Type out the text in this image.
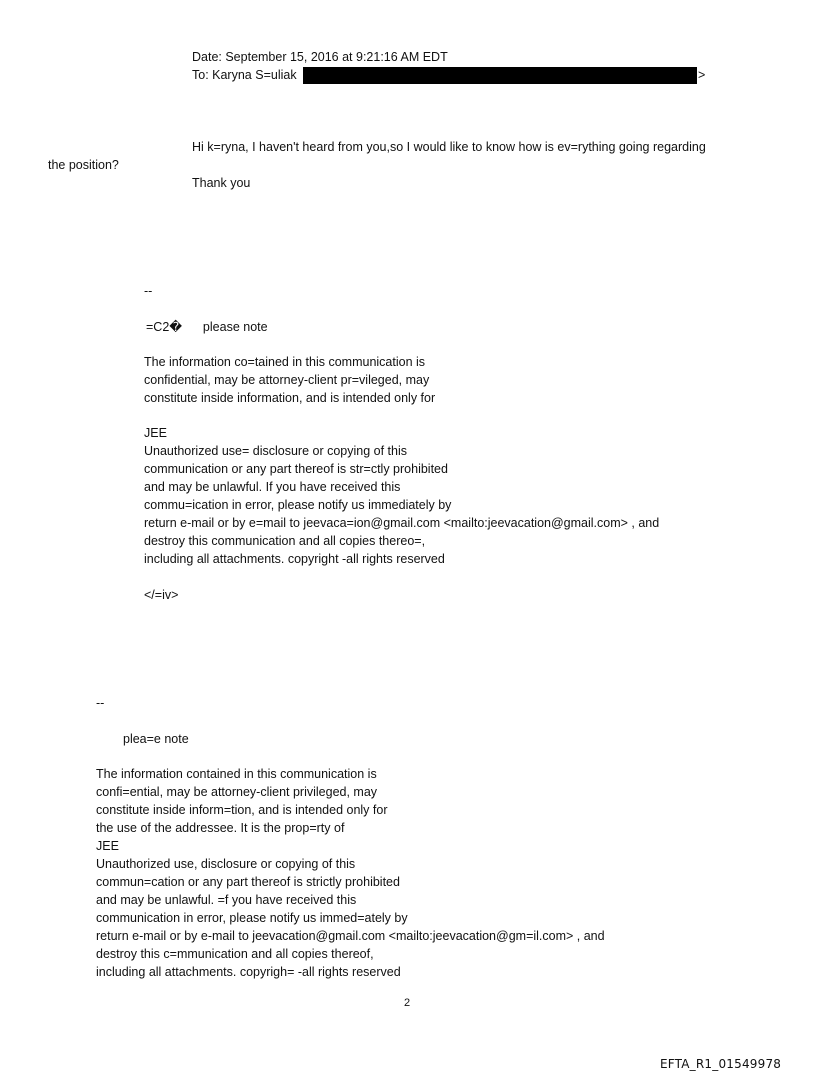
Date: September 15, 2016 at 9:21:16 AM EDT
To: Karyna S=uliak	>
Hi k=ryna, I haven't heard from you,so I would like to know how is ev=rything going regarding
the position?
Thank you
--
=C2�      please note
The information co=tained in this communication is
confidential, may be attorney-client pr=vileged, may
constitute inside information, and is intended only for
JEE
Unauthorized use= disclosure or copying of this
communication or any part thereof is str=ctly prohibited
and may be unlawful. If you have received this
commu=ication in error, please notify us immediately by
return e-mail or by e=mail to jeevaca=ion@gmail.com <mailto:jeevacation@gmail.com> , and
destroy this communication and all copies thereo=,
including all attachments. copyright -all rights reserved
</=iv>
--
plea=e note
The information contained in this communication is
confi=ential, may be attorney-client privileged, may
constitute inside inform=tion, and is intended only for
the use of the addressee. It is the prop=rty of
JEE
Unauthorized use, disclosure or copying of this
commun=cation or any part thereof is strictly prohibited
and may be unlawful. =f you have received this
communication in error, please notify us immed=ately by
return e-mail or by e-mail to jeevacation@gmail.com <mailto:jeevacation@gm=il.com> , and
destroy this c=mmunication and all copies thereof,
including all attachments. copyrigh= -all rights reserved
2
EFTA_R1_01549978
